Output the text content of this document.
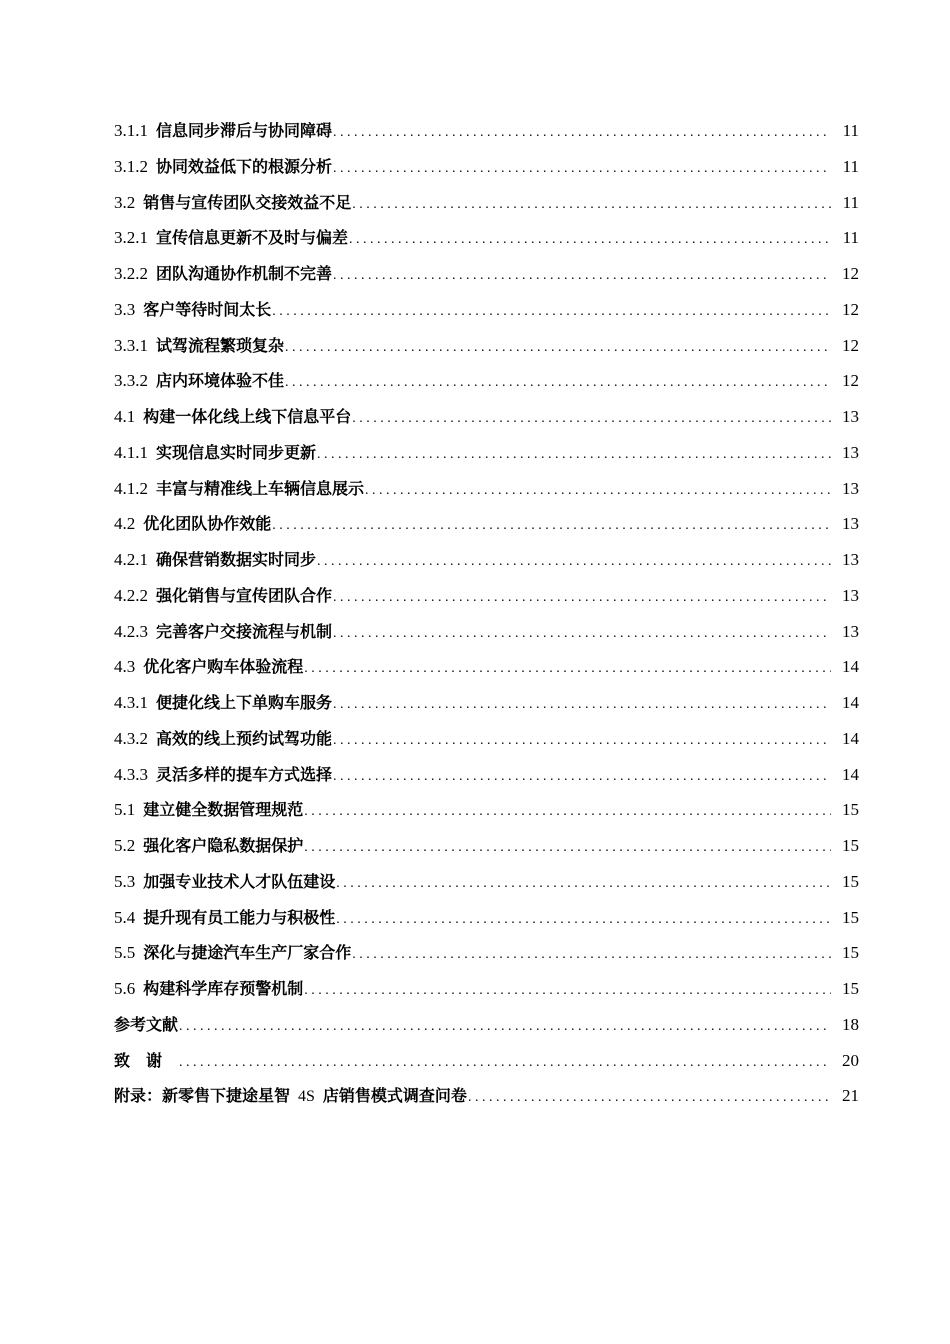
3.1.1 信息同步滞后与协同障碍 . . .	11
3.1.2 协同效益低下的根源分析 . . .	11
3.2 销售与宣传团队交接效益不足 . . .	11
3.2.1 宣传信息更新不及时与偏差 . . .	11
3.2.2 团队沟通协作机制不完善 . . .	12
3.3 客户等待时间太长 . . .	12
3.3.1 试驾流程繁琐复杂 . . .	12
3.3.2 店内环境体验不佳 . . .	12
4.1 构建一体化线上线下信息平台 . . .	13
4.1.1 实现信息实时同步更新 . . .	13
4.1.2 丰富与精准线上车辆信息展示 . . .	13
4.2 优化团队协作效能 . . .	13
4.2.1 确保营销数据实时同步 . . .	13
4.2.2 强化销售与宣传团队合作 . . .	13
4.2.3 完善客户交接流程与机制 . . .	13
4.3 优化客户购车体验流程 . . .	14
4.3.1 便捷化线上下单购车服务 . . .	14
4.3.2 高效的线上预约试驾功能 . . .	14
4.3.3 灵活多样的提车方式选择 . . .	14
5.1 建立健全数据管理规范 . . .	15
5.2 强化客户隐私数据保护 . . .	15
5.3 加强专业技术人才队伍建设 . . .	15
5.4 提升现有员工能力与积极性 . . .	15
5.5 深化与捷途汽车生产厂家合作 . . .	15
5.6 构建科学库存预警机制 . . .	15
参考文献 . . .	18
致谢 . . .	20
附录：新零售下捷途星智 4S 店销售模式调查问卷 . . .	21
